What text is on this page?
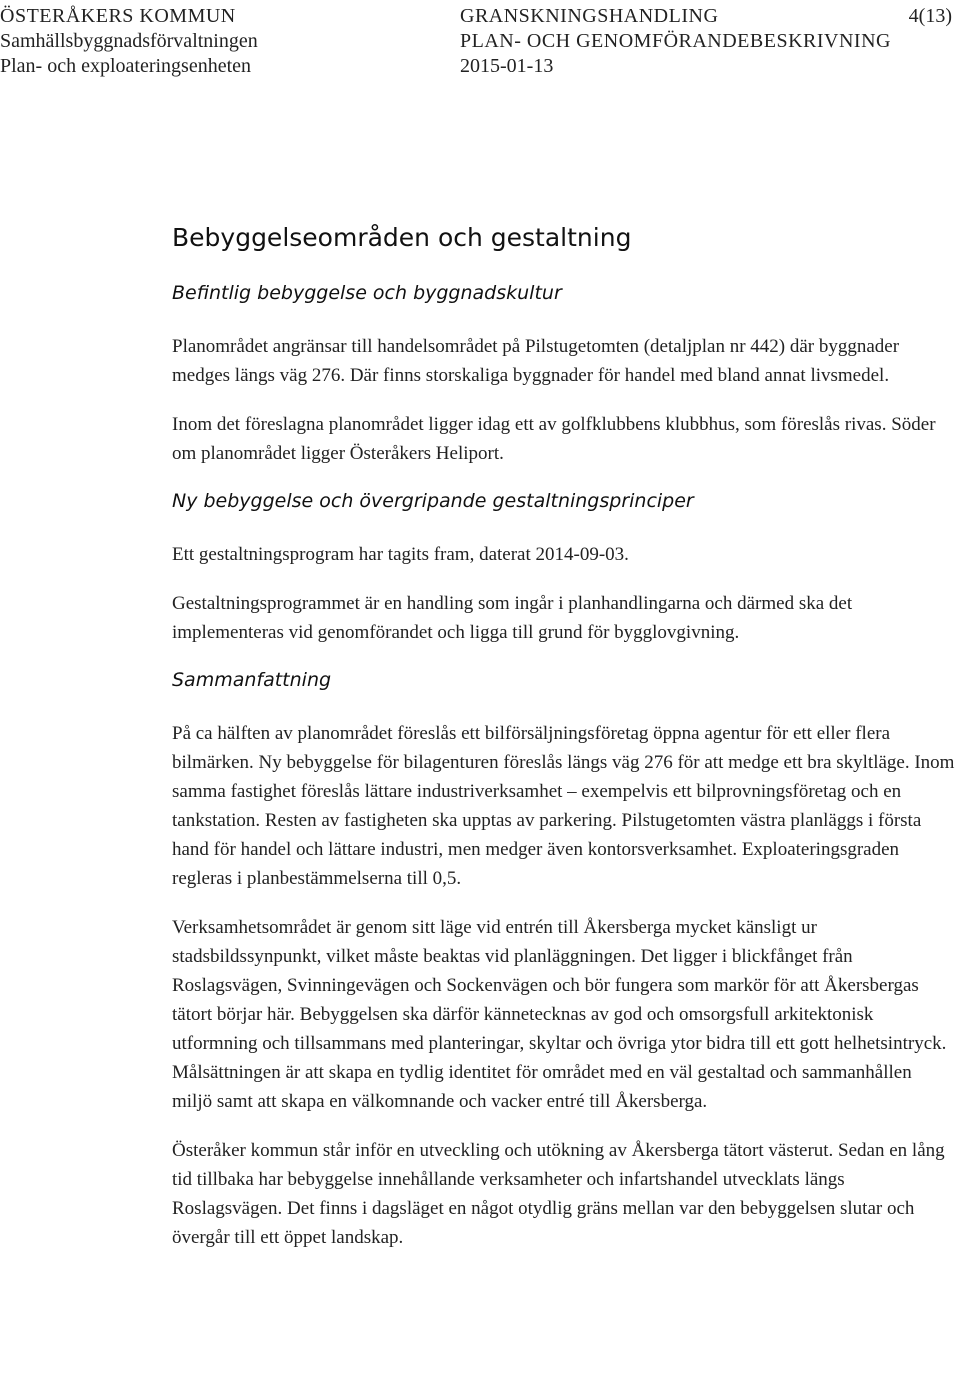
ÖSTERÅKERS KOMMUN
Samhällsbyggnadsförvaltningen
Plan- och exploateringsenheten
GRANSKNINGSHANDLING
PLAN- OCH GENOMFÖRANDEBESKRIVNING
2015-01-13
4(13)
Bebyggelseområden och gestaltning
Befintlig bebyggelse och byggnadskultur

Planområdet angränsar till handelsområdet på Pilstugetomten (detaljplan nr 442) där byggnader medges längs väg 276. Där finns storskaliga byggnader för handel med bland annat livsmedel.

Inom det föreslagna planområdet ligger idag ett av golfklubbens klubbhus, som föreslås rivas. Söder om planområdet ligger Österåkers Heliport.

Ny bebyggelse och övergripande gestaltningsprinciper

Ett gestaltningsprogram har tagits fram, daterat 2014-09-03.

Gestaltningsprogrammet är en handling som ingår i planhandlingarna och därmed ska det implementeras vid genomförandet och ligga till grund för bygglovgivning.

Sammanfattning

På ca hälften av planområdet föreslås ett bilförsäljningsföretag öppna agentur för ett eller flera bilmärken. Ny bebyggelse för bilagenturen föreslås längs väg 276 för att medge ett bra skyltläge. Inom samma fastighet föreslås lättare industriverksamhet – exempelvis ett bilprovningsföretag och en tankstation. Resten av fastigheten ska upptas av parkering. Pilstugetomten västra planläggs i första hand för handel och lättare industri, men medger även kontorsverksamhet. Exploateringsgraden regleras i planbestämmelserna till 0,5.

Verksamhetsområdet är genom sitt läge vid entrén till Åkersberga mycket känsligt ur stadsbildssynpunkt, vilket måste beaktas vid planläggningen. Det ligger i blickfånget från Roslagsvägen, Svinningevägen och Sockenvägen och bör fungera som markör för att Åkersbergas tätort börjar här. Bebyggelsen ska därför kännetecknas av god och omsorgsfull arkitektonisk utformning och tillsammans med planteringar, skyltar och övriga ytor bidra till ett gott helhetsintryck. Målsättningen är att skapa en tydlig identitet för området med en väl gestaltad och sammanhållen miljö samt att skapa en välkomnande och vacker entré till Åkersberga.

Österåker kommun står inför en utveckling och utökning av Åkersberga tätort västerut. Sedan en lång tid tillbaka har bebyggelse innehållande verksamheter och infartshandel utvecklats längs Roslagsvägen. Det finns i dagsläget en något otydlig gräns mellan var den bebyggelsen slutar och övergår till ett öppet landskap.
